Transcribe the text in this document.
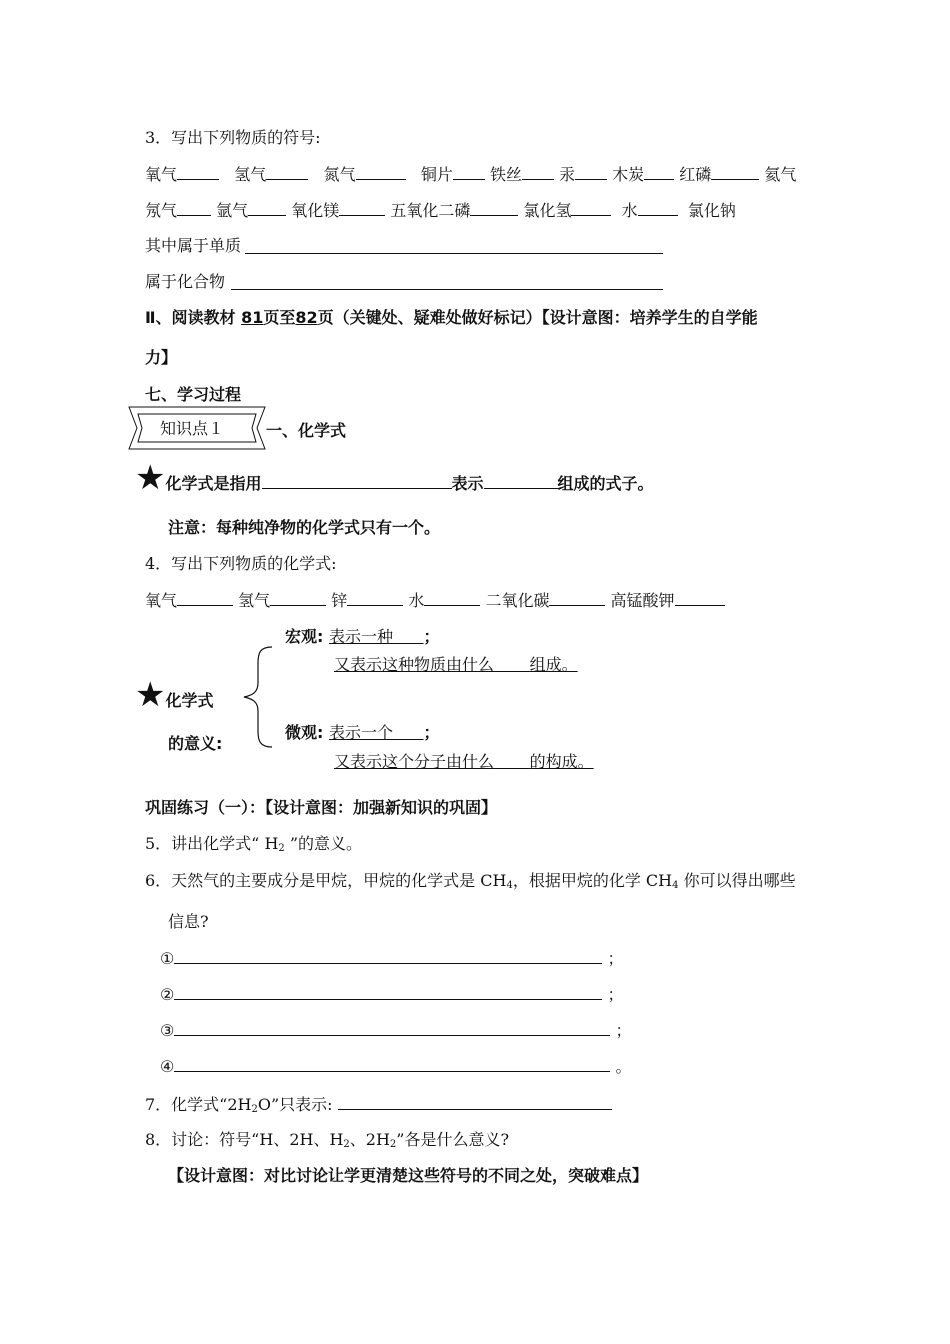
3．写出下列物质的符号:
氧气	氢气	氮气	铜片 铁丝 汞 木炭 红磷	氦气
氖气 氩气	氧化镁	五氧化二磷	氯化氢	水	氯化钠
其中属于单质
属于化合物
Ⅱ、阅读教材 81页至82页（关键处、疑难处做好标记）【设计意图：培养学生的自学能
力】
七、学习过程
知识点１	一、化学式
★化学式是指用	表示	组成的式子。
注意：每种纯净物的化学式只有一个。
4．写出下列物质的化学式:
氧气	氢气	锌	水	二氧化碳	高锰酸钾
宏观: 表示一种 ；
又表示这种物质由什么 组成。
★化学式
的意义:
微观: 表示一个 ；
又表示这个分子由什么 的构成。
巩固练习（一）：【设计意图：加强新知识的巩固】
5．讲出化学式“ $H_2$ ”的意义。
6．天然气的主要成分是甲烷，甲烷的化学式是 $CH_4$，根据甲烷的化学 $CH_4$ 你可以得出哪些
信息?
①	；
②	；
③	；
④	。
7．化学式“$2H_2O$”只表示:
8．讨论：符号“H、2H、$H_2$、$2H_2$”各是什么意义?
【设计意图：对比讨论让学更清楚这些符号的不同之处，突破难点】
